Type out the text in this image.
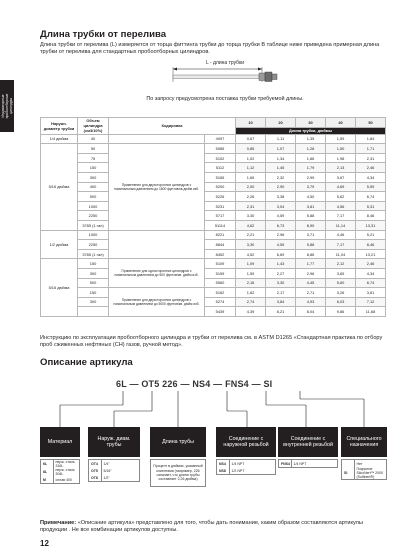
Индикаторные
пробоотборные
цилиндры
Длина трубки от перелива

Длина трубки от перелива (L) измеряется от торца фиттинга трубки до торца трубки В таблице ниже приведена примерная длина трубки от перелива для стандартных пробоотборных цилиндров.

L - длина трубки
По запросу предусмотрена поставка трубки требуемой длины.
Наружн. диаметр трубки	Объем цилиндра (см3/10%)	Кодировка		10	20	30	40	50
				Длина трубки, дюймы				
1/4 дюйма	40		4097	0,67	1,11	1,35	1,59	1,84
5/16 дюйма	50	Применение для двухсторонних цилиндров с номинальным давлением до 1800 фунтов/кв.дюйм изб.	5085	0,85	1,07	1,28	1,50	1,71
	75		5102	1,02	1,34	1,66	1,98	2,31
	150		5112	1,12	1,45	1,79	2,13	2,46
	300		5165	1,65	2,32	2,99	3,67	4,34
	400		5200	2,00	2,90	3,79	4,69	5,59
	500		5226	2,26	3,38	4,50	5,62	6,74
	1000		5231	2,31	3,04	3,81	4,56	5,31
	2250		5717	3,30	4,59	5,88	7,17	8,46
	3785 (1 гал)		51114	4,62	6,73	8,90	11,14	13,31
1/2 дюйма	1000		8221	2,21	2,96	3,71	4,46	5,21
	2250		8844	3,30	4,59	5,88	7,17	8,46
	3785 (1 гал)		8452	4,52	6,69	8,86	11,04	13,21
5/16 дюйма	150	Применение для односторонних цилиндров с номинальным давлением до 500 фунтов/кв. дюйм изб.	5109	1,09	1,43	1,77	2,12	2,46
	300		5159	1,59	2,27	2,96	3,65	4,34
	500		5560	2,16	3,30	4,45	5,60	6,74
	150	Применение для двухсторонних цилиндров с номинальным давлением до 5000 фунтов/кв. дюйм изб.	5162	1,62	2,17	2,71	3,26	3,81
	300		5274	2,74	3,84	4,93	6,03	7,12
			5439	4,39	6,21	8,04	9,86	11,68

Инструкцию по эксплуатации пробоотборного цилиндра и трубки от перелива см. в ASTM D1265 «Стандартная практика по отбору проб сжиженных нефтяных (СН) газов, ручной метод».

Описание артикула
6L — OT5 226 — NS4 — FNS4 — SI
Материал
Наруж. диам. трубы
Длина трубы
Соединение с наружной резьбой
Соединение с внутренней резьбой
Специального назначения
6L	нерж. сталь 316L
8L	нерж. сталь 304L
M	сплав 400
OT4	1/4"
OT5	5/16"
OT8	1/2"
Процент в дюймах, указанный клиентами (например, 226 означает, что длина трубы составляет 2,26 дюйма)
NS4	1/4 NPT
NS8	1/2 NPT
FNS4	1/4 NPT
		Нет
SI	Покрытие SilcoNert™ 2000 (Sulfinert®)

Примечание: «Описание артикула» представлено для того, чтобы дать понимание, каким образом составляются артикулы продукции . Не все комбинации артикулов доступны.

12
